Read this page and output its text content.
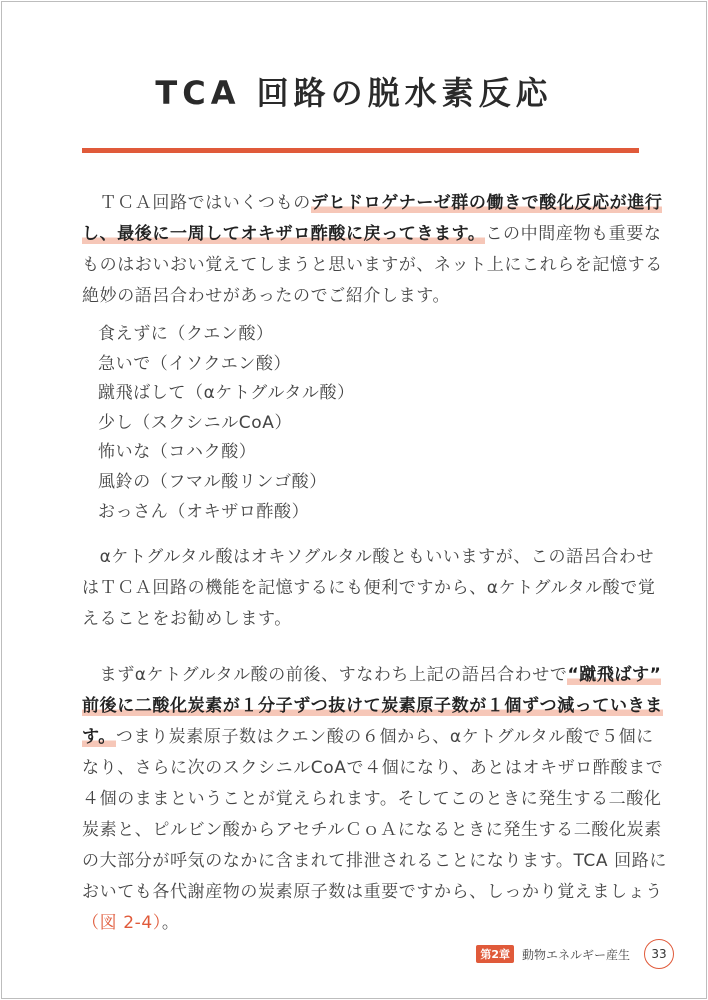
TCA 回路の脱水素反応
　ＴＣＡ回路ではいくつものデヒドロゲナーゼ群の働きで酸化反応が進行
し、最後に一周してオキザロ酢酸に戻ってきます。この中間産物も重要な
ものはおいおい覚えてしまうと思いますが、ネット上にこれらを記憶する
絶妙の語呂合わせがあったのでご紹介します。
食えずに（クエン酸）
急いで（イソクエン酸）
蹴飛ばして（αケトグルタル酸）
少し（スクシニルCoA）
怖いな（コハク酸）
風鈴の（フマル酸リンゴ酸）
おっさん（オキザロ酢酸）
　αケトグルタル酸はオキソグルタル酸ともいいますが、この語呂合わせ
はＴＣＡ回路の機能を記憶するにも便利ですから、αケトグルタル酸で覚
えることをお勧めします。
　まずαケトグルタル酸の前後、すなわち上記の語呂合わせで“蹴飛ばす”
前後に二酸化炭素が１分子ずつ抜けて炭素原子数が１個ずつ減っていきま
す。つまり炭素原子数はクエン酸の６個から、αケトグルタル酸で５個に
なり、さらに次のスクシニルCoAで４個になり、あとはオキザロ酢酸まで
４個のままということが覚えられます。そしてこのときに発生する二酸化
炭素と、ピルビン酸からアセチルＣｏＡになるときに発生する二酸化炭素
の大部分が呼気のなかに含まれて排泄されることになります。TCA 回路に
おいても各代謝産物の炭素原子数は重要ですから、しっかり覚えましょう
（図 2-4）。
第2章	動物エネルギー産生	33
